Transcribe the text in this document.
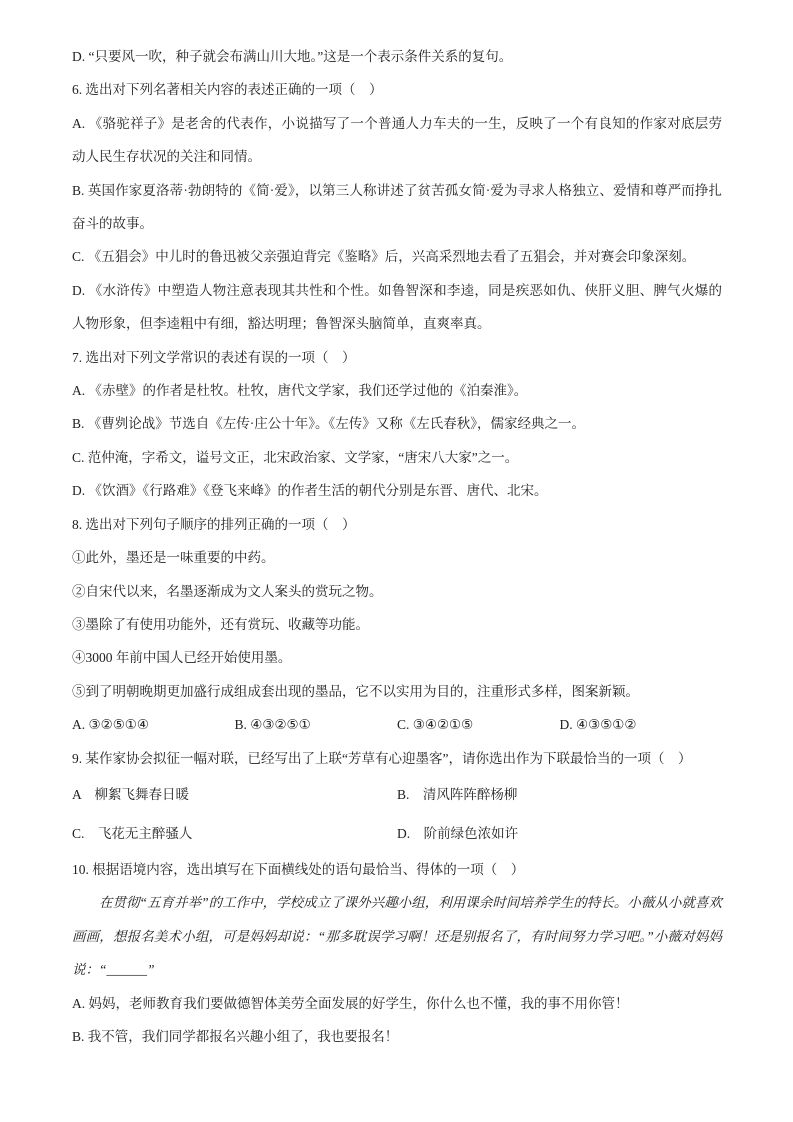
D. “只要风一吹，种子就会布满山川大地。”这是一个表示条件关系的复句。

6. 选出对下列名著相关内容的表述正确的一项（　）

A. 《骆驼祥子》是老舍的代表作，小说描写了一个普通人力车夫的一生，反映了一个有良知的作家对底层劳动人民生存状况的关注和同情。

B. 英国作家夏洛蒂·勃朗特的《简·爱》，以第三人称讲述了贫苦孤女简·爱为寻求人格独立、爱情和尊严而挣扎奋斗的故事。

C. 《五猖会》中儿时的鲁迅被父亲强迫背完《鉴略》后，兴高采烈地去看了五猖会，并对赛会印象深刻。

D. 《水浒传》中塑造人物注意表现其共性和个性。如鲁智深和李逵，同是疾恶如仇、侠肝义胆、脾气火爆的人物形象，但李逵粗中有细，豁达明理；鲁智深头脑简单，直爽率真。

7. 选出对下列文学常识的表述有误的一项（　）

A. 《赤壁》的作者是杜牧。杜牧，唐代文学家，我们还学过他的《泊秦淮》。

B. 《曹刿论战》节选自《左传·庄公十年》。《左传》又称《左氏春秋》，儒家经典之一。

C. 范仲淹，字希文，谥号文正，北宋政治家、文学家，“唐宋八大家”之一。

D. 《饮酒》《行路难》《登飞来峰》的作者生活的朝代分别是东晋、唐代、北宋。

8. 选出对下列句子顺序的排列正确的一项（　）

①此外，墨还是一味重要的中药。

②自宋代以来，名墨逐渐成为文人案头的赏玩之物。

③墨除了有使用功能外，还有赏玩、收藏等功能。

④3000 年前中国人已经开始使用墨。

⑤到了明朝晚期更加盛行成组成套出现的墨品，它不以实用为目的，注重形式多样，图案新颖。

A. ③②⑤①④	B. ④③②⑤①	C. ③④②①⑤	D. ④③⑤①②

9. 某作家协会拟征一幅对联，已经写出了上联“芳草有心迎墨客”，请你选出作为下联最恰当的一项（　）

A　柳絮飞舞春日暖	B.　清风阵阵醉杨柳
C.　飞花无主醉骚人	D.　阶前绿色浓如许

10. 根据语境内容，选出填写在下面横线处的语句最恰当、得体的一项（　）

在贯彻“五育并举”的工作中，学校成立了课外兴趣小组，利用课余时间培养学生的特长。小薇从小就喜欢画画，想报名美术小组，可是妈妈却说：“那多耽误学习啊！还是别报名了，有时间努力学习吧。”小薇对妈妈说：“______”

A. 妈妈，老师教育我们要做德智体美劳全面发展的好学生，你什么也不懂，我的事不用你管！

B. 我不管，我们同学都报名兴趣小组了，我也要报名！
